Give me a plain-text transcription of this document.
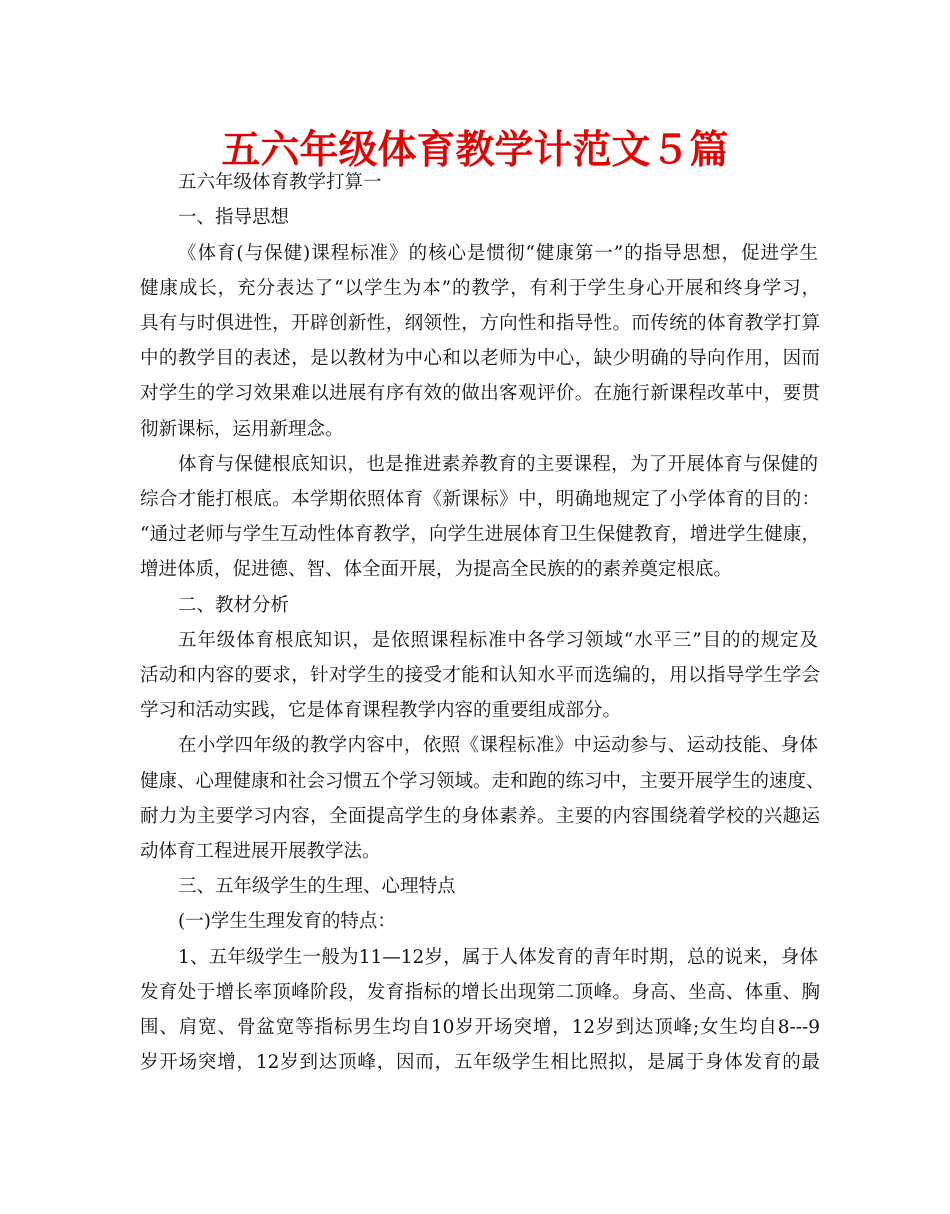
五六年级体育教学计范文５篇

五六年级体育教学打算一

一、指导思想

《体育(与保健)课程标准》的核心是惯彻“健康第一”的指导思想，促进学生

健康成长，充分表达了“以学生为本”的教学，有利于学生身心开展和终身学习，

具有与时俱进性，开辟创新性，纲领性，方向性和指导性。而传统的体育教学打算

中的教学目的表述，是以教材为中心和以老师为中心，缺少明确的导向作用，因而

对学生的学习效果难以进展有序有效的做出客观评价。在施行新课程改革中，要贯

彻新课标，运用新理念。

体育与保健根底知识，也是推进素养教育的主要课程，为了开展体育与保健的

综合才能打根底。本学期依照体育《新课标》中，明确地规定了小学体育的目的：

“通过老师与学生互动性体育教学，向学生进展体育卫生保健教育，增进学生健康，

增进体质，促进德、智、体全面开展，为提高全民族的的素养奠定根底。

二、教材分析

五年级体育根底知识，是依照课程标准中各学习领域“水平三”目的的规定及

活动和内容的要求，针对学生的接受才能和认知水平而选编的，用以指导学生学会

学习和活动实践，它是体育课程教学内容的重要组成部分。

在小学四年级的教学内容中，依照《课程标准》中运动参与、运动技能、身体

健康、心理健康和社会习惯五个学习领域。走和跑的练习中，主要开展学生的速度、

耐力为主要学习内容，全面提高学生的身体素养。主要的内容围绕着学校的兴趣运

动体育工程进展开展教学法。

三、五年级学生的生理、心理特点

(一)学生生理发育的特点：

1、五年级学生一般为11—12岁，属于人体发育的青年时期，总的说来，身体

发育处于增长率顶峰阶段，发育指标的增长出现第二顶峰。身高、坐高、体重、胸

围、肩宽、骨盆宽等指标男生均自10岁开场突增，12岁到达顶峰;女生均自8---9

岁开场突增，12岁到达顶峰，因而，五年级学生相比照拟，是属于身体发育的最
